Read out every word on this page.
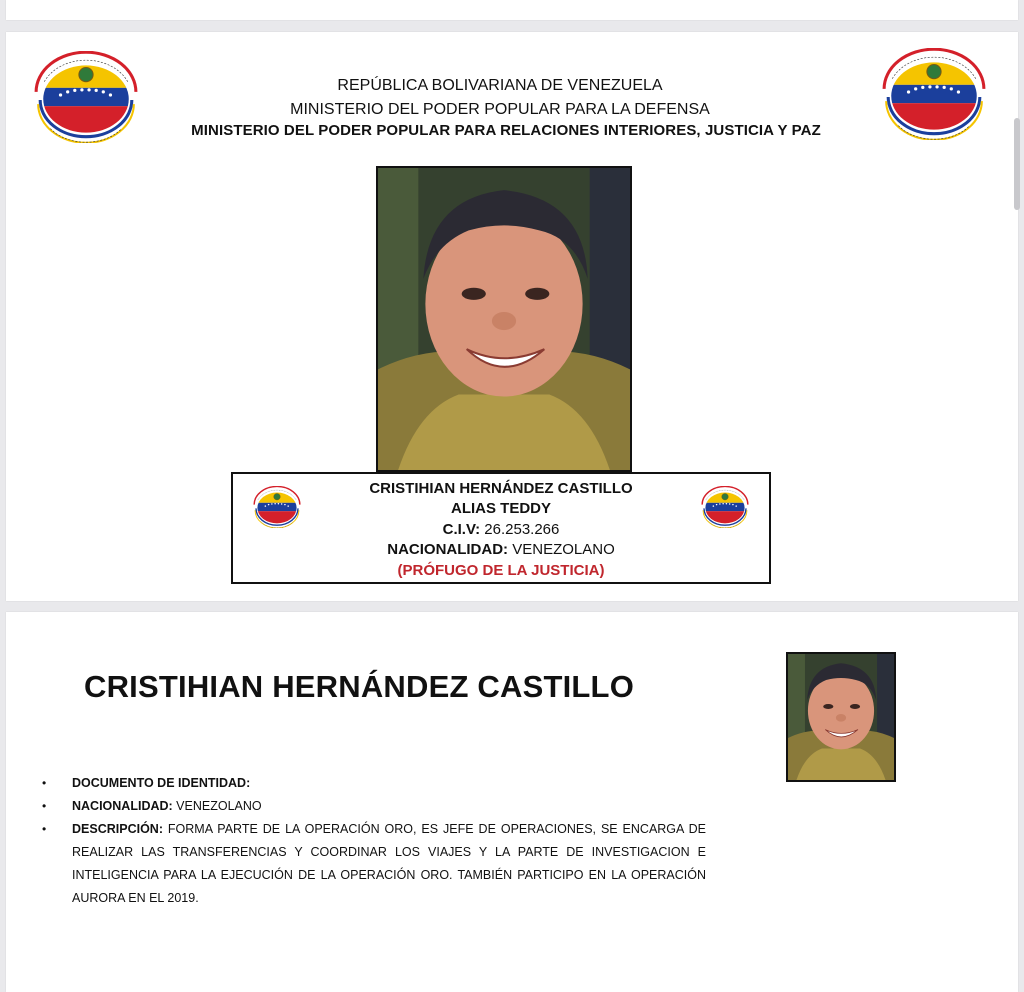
REPÚBLICA BOLIVARIANA DE VENEZUELA
MINISTERIO DEL PODER POPULAR PARA LA DEFENSA
MINISTERIO DEL PODER POPULAR PARA RELACIONES INTERIORES, JUSTICIA Y PAZ
CRISTIHIAN HERNÁNDEZ CASTILLO
ALIAS TEDDY
C.I.V: 26.253.266
NACIONALIDAD: VENEZOLANO
(PRÓFUGO DE LA JUSTICIA)
CRISTIHIAN HERNÁNDEZ CASTILLO

• DOCUMENTO DE IDENTIDAD:

• NACIONALIDAD: VENEZOLANO

• DESCRIPCIÓN: FORMA PARTE DE LA OPERACIÓN ORO, ES JEFE DE OPERACIONES, SE ENCARGA DE REALIZAR LAS TRANSFERENCIAS Y COORDINAR LOS VIAJES Y LA PARTE DE INVESTIGACION E INTELIGENCIA PARA LA EJECUCIÓN DE LA OPERACIÓN ORO. TAMBIÉN PARTICIPO EN LA OPERACIÓN AURORA EN EL 2019.
